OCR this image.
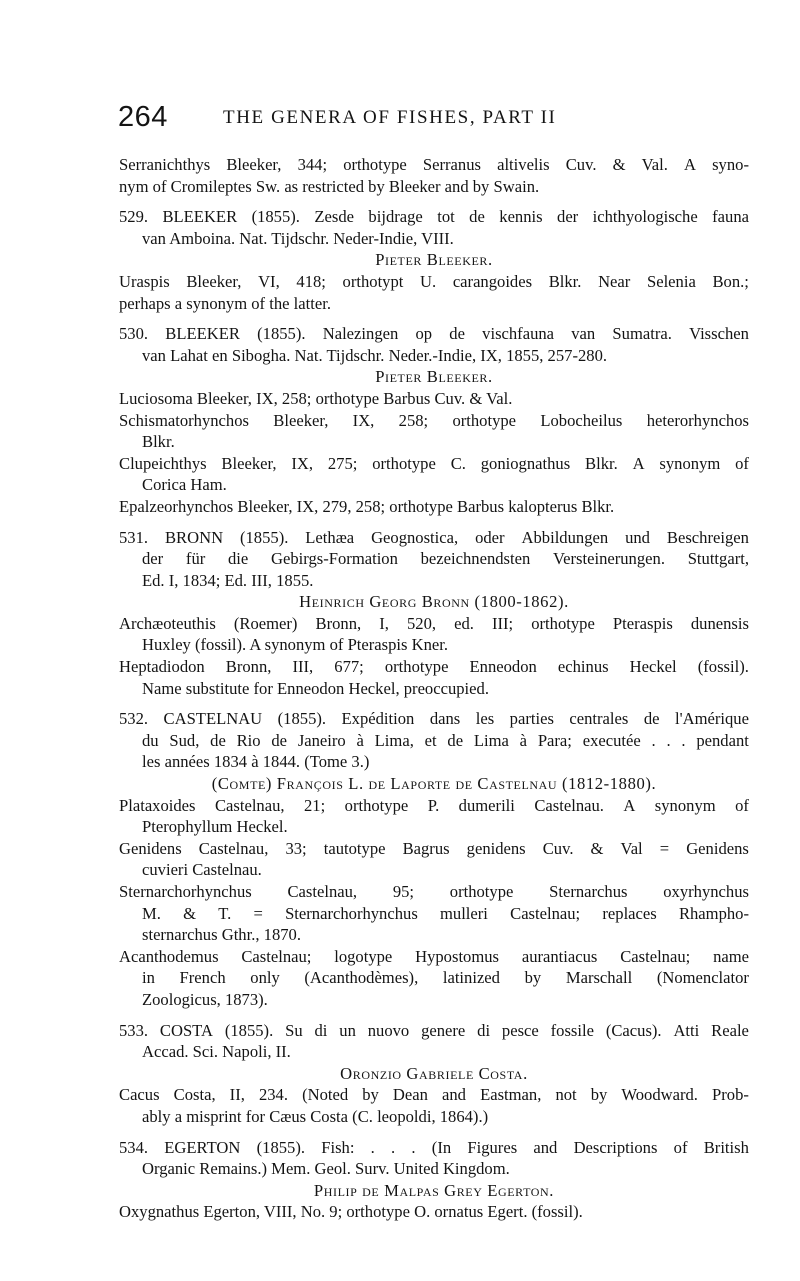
264	THE GENERA OF FISHES, PART II
Serranichthys Bleeker, 344; orthotype Serranus altivelis Cuv. & Val. A syno-
nym of Cromileptes Sw. as restricted by Bleeker and by Swain.
529. BLEEKER (1855). Zesde bijdrage tot de kennis der ichthyologische fauna
van Amboina. Nat. Tijdschr. Neder-Indie, VIII.
Pieter Bleeker.
Uraspis Bleeker, VI, 418; orthotypt U. carangoides Blkr. Near Selenia Bon.;
perhaps a synonym of the latter.
530. BLEEKER (1855). Nalezingen op de vischfauna van Sumatra. Visschen
van Lahat en Sibogha. Nat. Tijdschr. Neder.-Indie, IX, 1855, 257-280.
Pieter Bleeker.
Luciosoma Bleeker, IX, 258; orthotype Barbus Cuv. & Val.
Schismatorhynchos Bleeker, IX, 258; orthotype Lobocheilus heterorhynchos
Blkr.
Clupeichthys Bleeker, IX, 275; orthotype C. goniognathus Blkr. A synonym of
Corica Ham.
Epalzeorhynchos Bleeker, IX, 279, 258; orthotype Barbus kalopterus Blkr.
531. BRONN (1855). Lethæa Geognostica, oder Abbildungen und Beschreigen
der für die Gebirgs-Formation bezeichnendsten Versteinerungen. Stuttgart,
Ed. I, 1834; Ed. III, 1855.
Heinrich Georg Bronn (1800-1862).
Archæoteuthis (Roemer) Bronn, I, 520, ed. III; orthotype Pteraspis dunensis
Huxley (fossil). A synonym of Pteraspis Kner.
Heptadiodon Bronn, III, 677; orthotype Enneodon echinus Heckel (fossil).
Name substitute for Enneodon Heckel, preoccupied.
532. CASTELNAU (1855). Expédition dans les parties centrales de l'Amérique
du Sud, de Rio de Janeiro à Lima, et de Lima à Para; executée . . . pendant
les années 1834 à 1844. (Tome 3.)
(Comte) François L. de Laporte de Castelnau (1812-1880).
Plataxoides Castelnau, 21; orthotype P. dumerili Castelnau. A synonym of
Pterophyllum Heckel.
Genidens Castelnau, 33; tautotype Bagrus genidens Cuv. & Val = Genidens
cuvieri Castelnau.
Sternarchorhynchus Castelnau, 95; orthotype Sternarchus oxyrhynchus
M. & T. = Sternarchorhynchus mulleri Castelnau; replaces Rhampho-
sternarchus Gthr., 1870.
Acanthodemus Castelnau; logotype Hypostomus aurantiacus Castelnau; name
in French only (Acanthodèmes), latinized by Marschall (Nomenclator
Zoologicus, 1873).
533. COSTA (1855). Su di un nuovo genere di pesce fossile (Cacus). Atti Reale
Accad. Sci. Napoli, II.
Oronzio Gabriele Costa.
Cacus Costa, II, 234. (Noted by Dean and Eastman, not by Woodward. Prob-
ably a misprint for Cæus Costa (C. leopoldi, 1864).)
534. EGERTON (1855). Fish: . . . (In Figures and Descriptions of British
Organic Remains.) Mem. Geol. Surv. United Kingdom.
Philip de Malpas Grey Egerton.
Oxygnathus Egerton, VIII, No. 9; orthotype O. ornatus Egert. (fossil).
